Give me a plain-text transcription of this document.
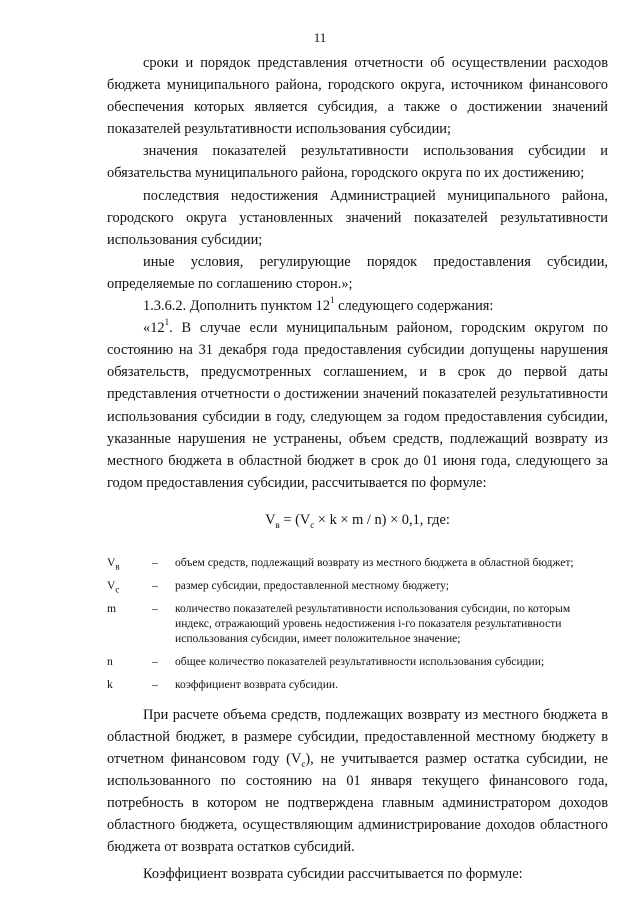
11

сроки и порядок представления отчетности об осуществлении расходов бюджета муниципального района, городского округа, источником финансового обеспечения которых является субсидия, а также о достижении значений показателей результативности использования субсидии;

значения показателей результативности использования субсидии и обязательства муниципального района, городского округа по их достижению;

последствия недостижения Администрацией муниципального района, городского округа установленных значений показателей результативности использования субсидии;

иные условия, регулирующие порядок предоставления субсидии, определяемые по соглашению сторон.»;

1.3.6.2. Дополнить пунктом $12^1$ следующего содержания:

«$12^1$. В случае если муниципальным районом, городским округом по состоянию на 31 декабря года предоставления субсидии допущены нарушения обязательств, предусмотренных соглашением, и в срок до первой даты представления отчетности о достижении значений показателей результативности использования субсидии в году, следующем за годом предоставления субсидии, указанные нарушения не устранены, объем средств, подлежащий возврату из местного бюджета в областной бюджет в срок до 01 июня года, следующего за годом предоставления субсидии, рассчитывается по формуле:

$V_в = (V_с \times k \times m / n) \times 0,1$, где:
$V_в$	–	объем средств, подлежащий возврату из местного бюджета в областной бюджет;
$V_с$	–	размер субсидии, предоставленной местному бюджету;
m	–	количество показателей результативности использования субсидии, по которым индекс, отражающий уровень недостижения i-го показателя результативности использования субсидии, имеет положительное значение;
n	–	общее количество показателей результативности использования субсидии;
k	–	коэффициент возврата субсидии.

При расчете объема средств, подлежащих возврату из местного бюджета в областной бюджет, в размере субсидии, предоставленной местному бюджету в отчетном финансовом году $(V_с)$, не учитывается размер остатка субсидии, не использованного по состоянию на 01 января текущего финансового года, потребность в котором не подтверждена главным администратором доходов областного бюджета, осуществляющим администрирование доходов областного бюджета от возврата остатков субсидий.

Коэффициент возврата субсидии рассчитывается по формуле:
